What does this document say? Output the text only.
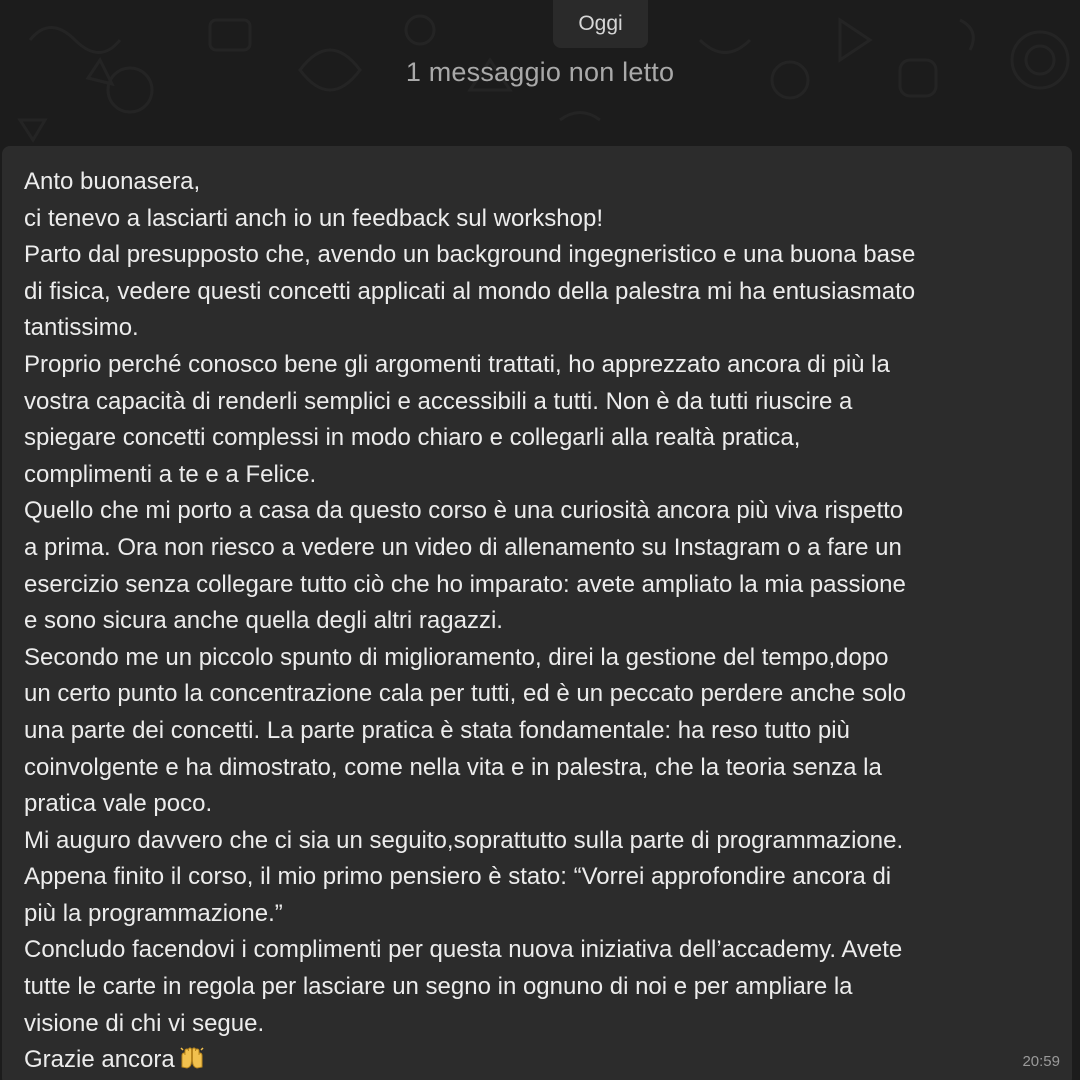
Oggi
1 messaggio non letto
Anto buonasera,
ci tenevo a lasciarti anch io un feedback sul workshop!
Parto dal presupposto che, avendo un background ingegneristico e una buona base
di fisica, vedere questi concetti applicati al mondo della palestra mi ha entusiasmato
tantissimo.
Proprio perché conosco bene gli argomenti trattati, ho apprezzato ancora di più la
vostra capacità di renderli semplici e accessibili a tutti. Non è da tutti riuscire a
spiegare concetti complessi in modo chiaro e collegarli alla realtà pratica,
complimenti a te e a Felice.
Quello che mi porto a casa da questo corso è una curiosità ancora più viva rispetto
a prima. Ora non riesco a vedere un video di allenamento su Instagram o a fare un
esercizio senza collegare tutto ciò che ho imparato: avete ampliato la mia passione
e sono sicura anche quella degli altri ragazzi.
Secondo me un piccolo spunto di miglioramento, direi la gestione del tempo,dopo
un certo punto la concentrazione cala per tutti, ed è un peccato perdere anche solo
una parte dei concetti. La parte pratica è stata fondamentale: ha reso tutto più
coinvolgente e ha dimostrato, come nella vita e in palestra, che la teoria senza la
pratica vale poco.
Mi auguro davvero che ci sia un seguito,soprattutto sulla parte di programmazione.
Appena finito il corso, il mio primo pensiero è stato: “Vorrei approfondire ancora di
più la programmazione.”
Concludo facendovi i complimenti per questa nuova iniziativa dell’accademy. Avete
tutte le carte in regola per lasciare un segno in ognuno di noi e per ampliare la
visione di chi vi segue.
Grazie ancora	20:59
